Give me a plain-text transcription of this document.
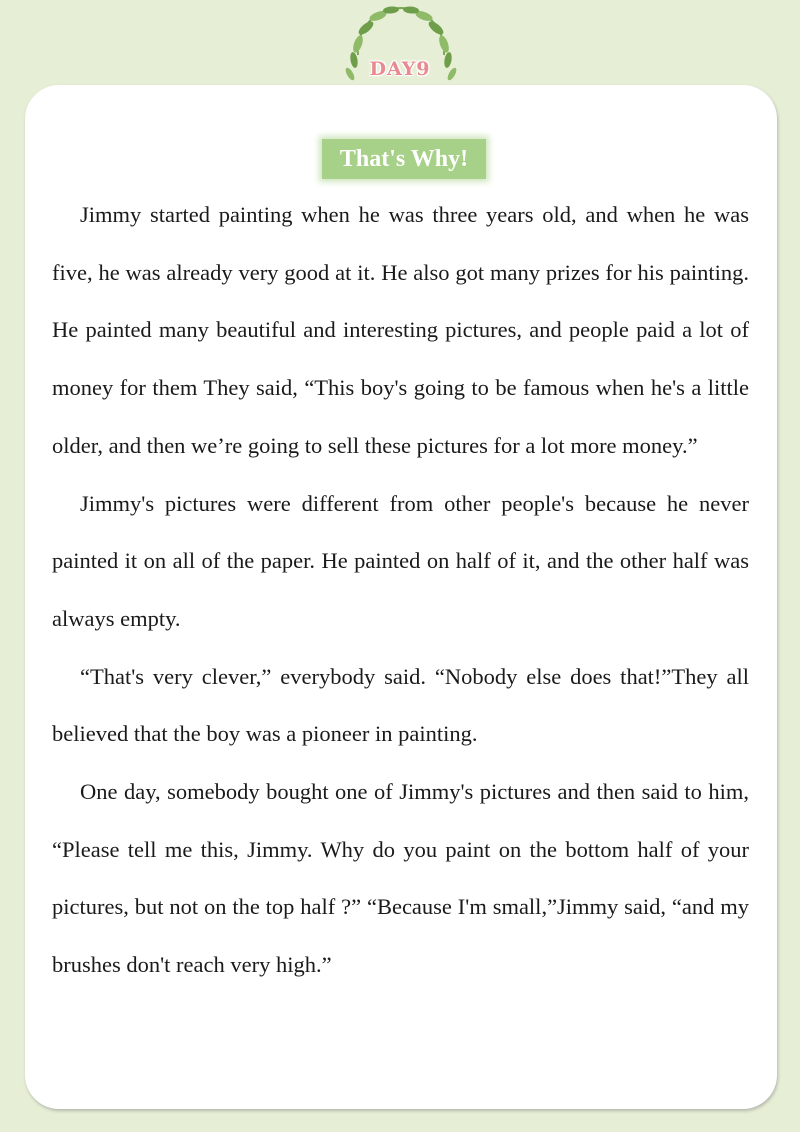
DAY9
That's Why!

Jimmy started painting when he was three years old, and when he was five, he was already very good at it. He also got many prizes for his painting. He painted many beautiful and interesting pictures, and people paid a lot of money for them They said, “This boy's going to be famous when he's a little older, and then we’re going to sell these pictures for a lot more money.”

Jimmy's pictures were different from other people's because he never painted it on all of the paper. He painted on half of it, and the other half was always empty.

“That's very clever,” everybody said. “Nobody else does that!”They all believed that the boy was a pioneer in painting.

One day, somebody bought one of Jimmy's pictures and then said to him, “Please tell me this, Jimmy. Why do you paint on the bottom half of your pictures, but not on the top half ?” “Because I'm small,”Jimmy said, “and my brushes don't reach very high.”
